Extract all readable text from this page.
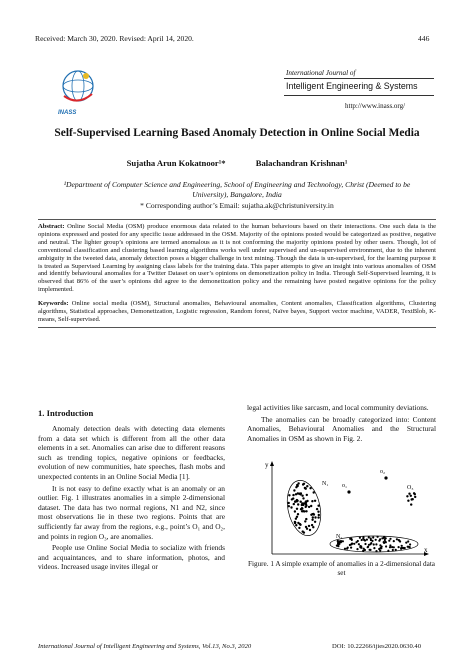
Received: March 30, 2020. Revised: April 14, 2020.	446
INASS
International Journal of
Intelligent Engineering & Systems
http://www.inass.org/
Self-Supervised Learning Based Anomaly Detection in Online Social Media
Sujatha Arun Kokatnoor¹*	Balachandran Krishnan¹
¹Department of Computer Science and Engineering, School of Engineering and Technology, Christ (Deemed to be University), Bangalore, India
* Corresponding author’s Email: sujatha.ak@christuniversity.in
Abstract: Online Social Media (OSM) produce enormous data related to the human behaviours based on their interactions. One such data is the opinions expressed and posted for any specific issue addressed in the OSM. Majority of the opinions posted would be categorized as positive, negative and neutral. The lighter group’s opinions are termed anomalous as it is not conforming the majority opinions posted by other users. Though, lot of conventional classification and clustering based learning algorithms works well under supervised and un-supervised environment, due to the inherent ambiguity in the tweeted data, anomaly detection poses a bigger challenge in text mining. Though the data is un-supervised, for the learning purpose it is treated as Supervised Learning by assigning class labels for the training data. This paper attempts to give an insight into various anomalies of OSM and identify behavioural anomalies for a Twitter Dataset on user’s opinions on demonetization policy in India. Through Self-Supervised learning, it is observed that 86% of the user’s opinions did agree to the demonetization policy and the remaining have posted negative opinions for the policy implemented.
Keywords: Online social media (OSM), Structural anomalies, Behavioural anomalies, Content anomalies, Classification algorithms, Clustering algorithms, Statistical approaches, Demonetization, Logistic regression, Random forest, Naïve bayes, Support vector machine, VADER, TextBlob, K-means, Self-supervised.
1. Introduction

Anomaly detection deals with detecting data elements from a data set which is different from all the other data elements in a set. Anomalies can arise due to different reasons such as trending topics, negative opinions or feedbacks, evolution of new communities, hate speeches, flash mobs and unexpected contents in an Online Social Media [1].

It is not easy to define exactly what is an anomaly or an outlier. Fig. 1 illustrates anomalies in a simple 2-dimensional dataset. The data has two normal regions, N1 and N2, since most observations lie in these two regions. Points that are sufficiently far away from the regions, e.g., point’s O₁ and O₂, and points in region O₃, are anomalies.

People use Online Social Media to socialize with friends and acquaintances, and to share information, photos, and videos. Increased usage invites illegal or

legal activities like sarcasm, and local community deviations.

The anomalies can be broadly categorized into: Content Anomalies, Behavioural Anomalies and the Structural Anomalies in OSM as shown in Fig. 2.

y
x
N₁ o₁
o₂
O₃
N₂
Figure. 1 A simple example of anomalies in a 2-dimensional data set
International Journal of Intelligent Engineering and Systems, Vol.13, No.3, 2020	DOI: 10.22266/ijies2020.0630.40
